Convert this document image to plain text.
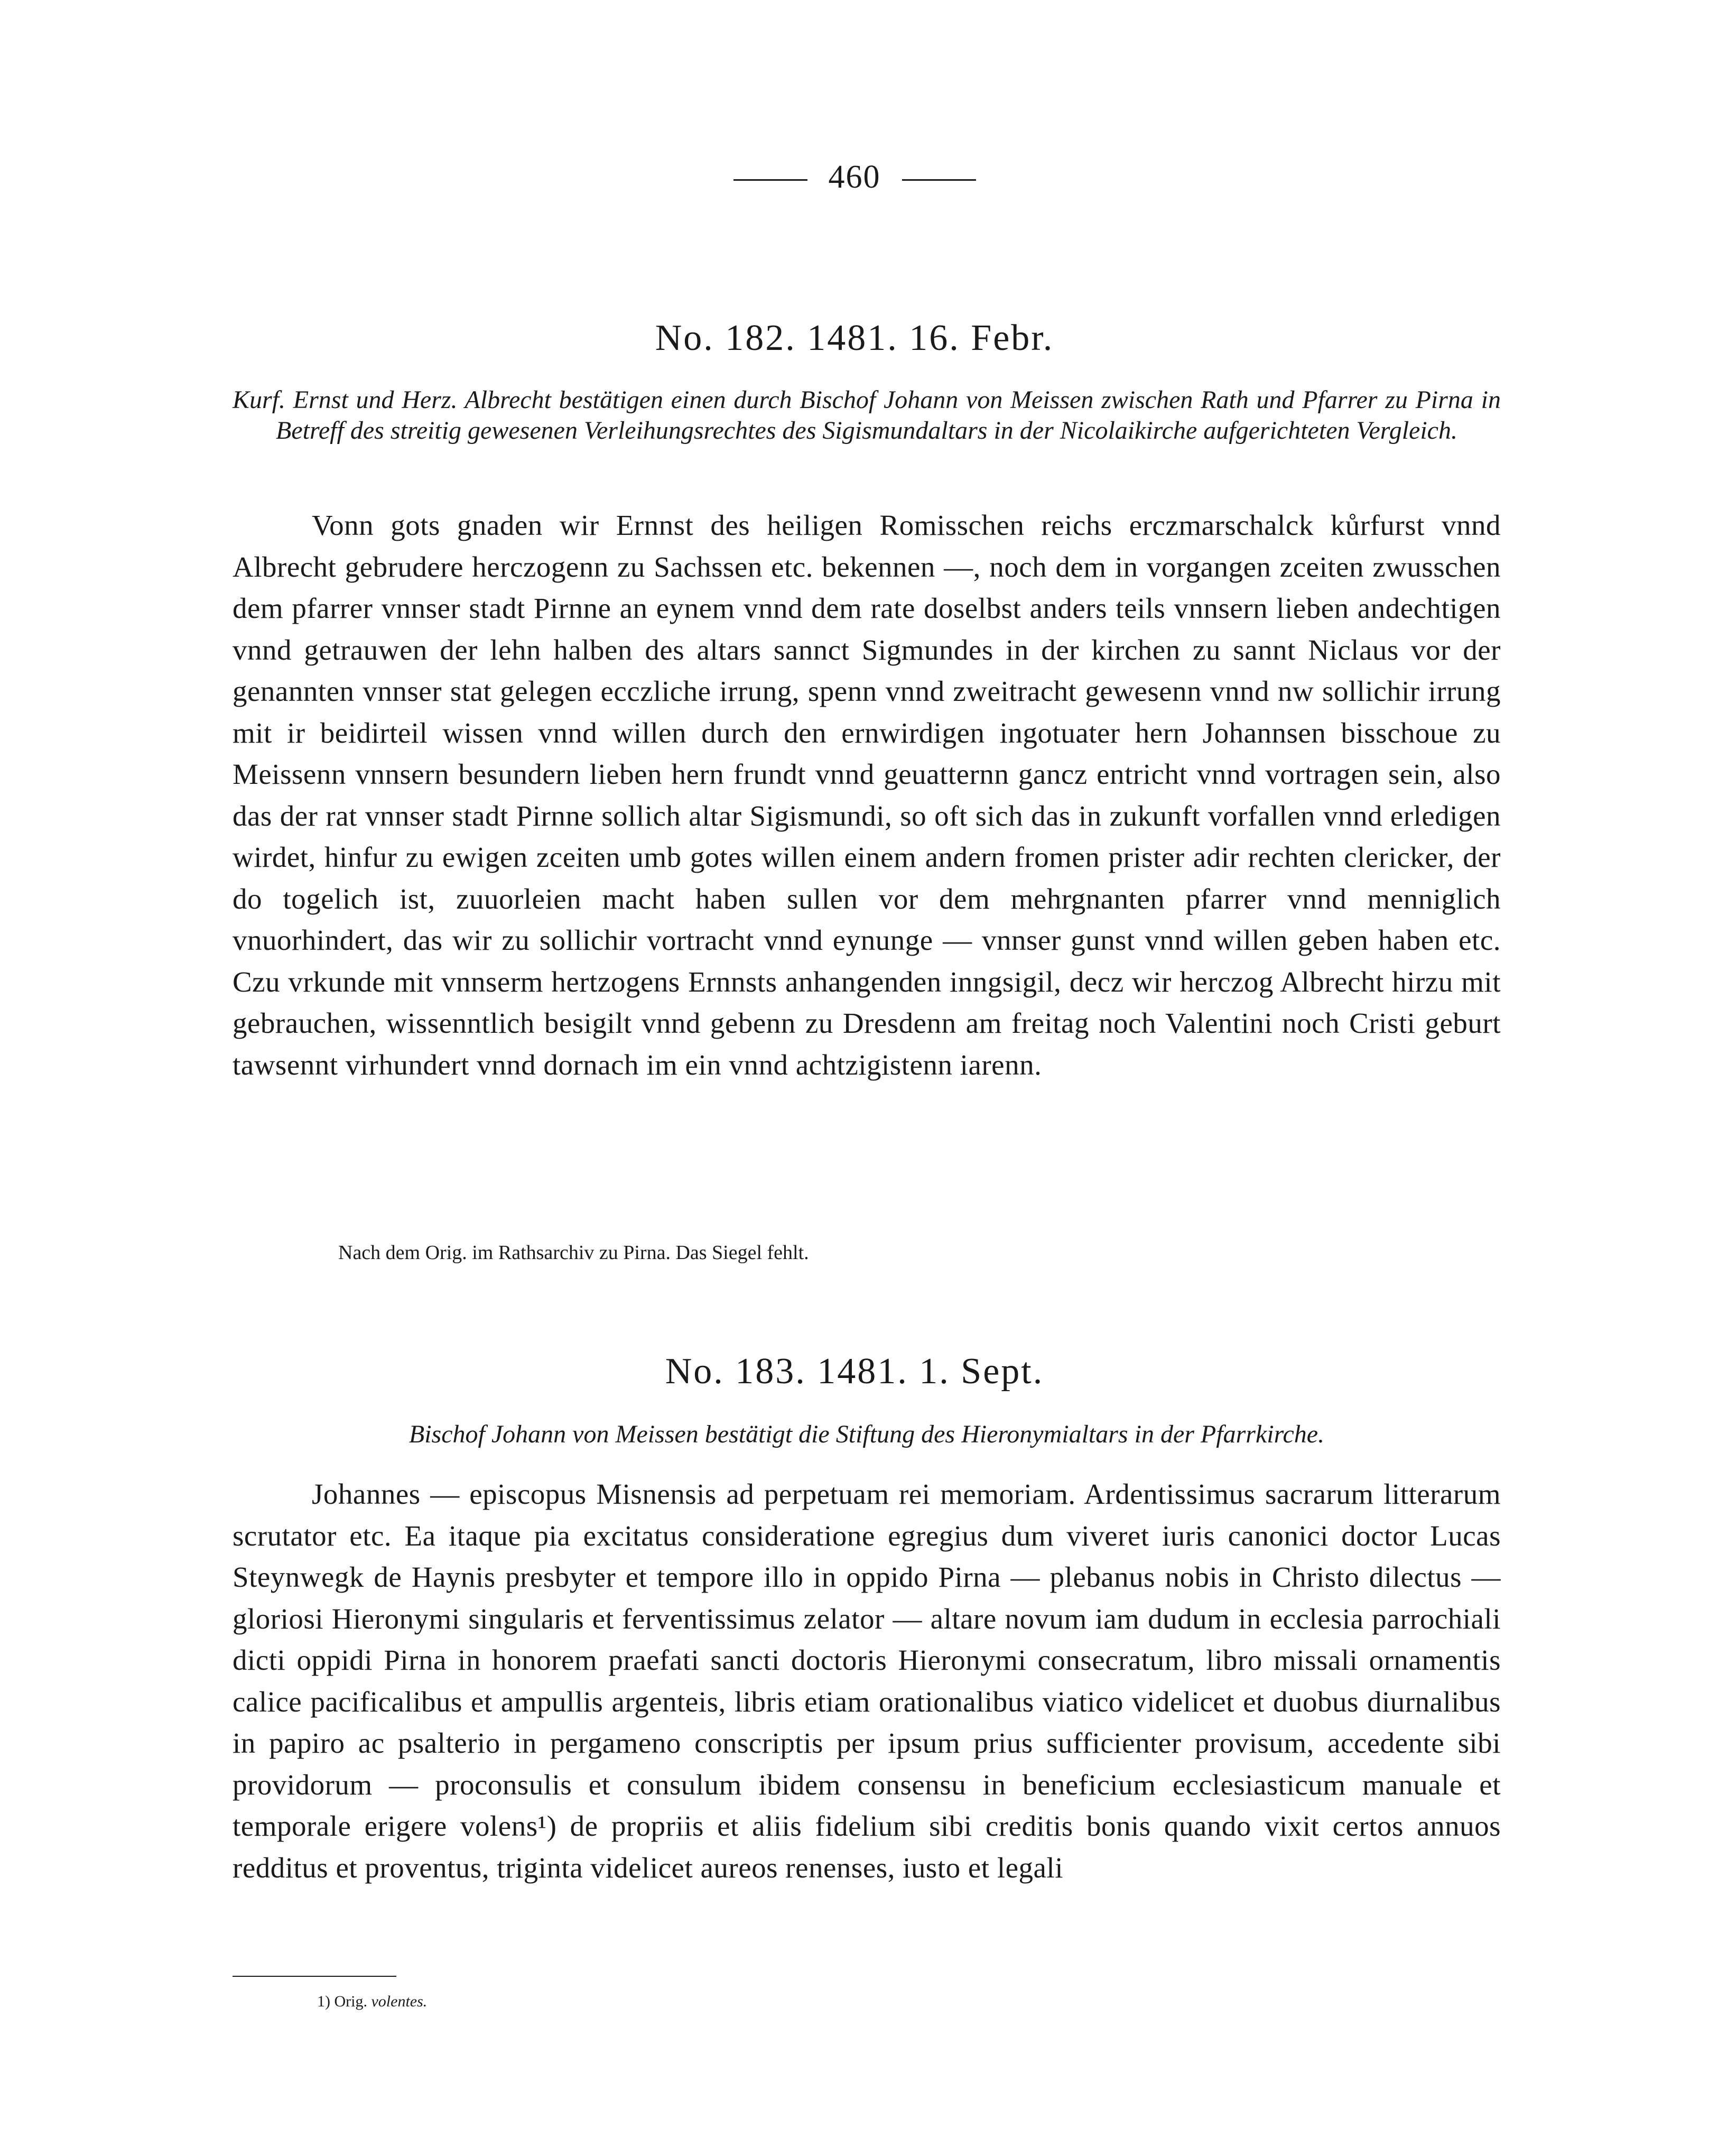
460
No. 182. 1481. 16. Febr.
Kurf. Ernst und Herz. Albrecht bestätigen einen durch Bischof Johann von Meissen zwischen Rath und Pfarrer zu Pirna in Betreff des streitig gewesenen Verleihungsrechtes des Sigismundaltars in der Nicolaikirche aufgerichteten Vergleich.
Vonn gots gnaden wir Ernnst des heiligen Romisschen reichs erczmarschalck kůrfurst vnnd Albrecht gebrudere herczogenn zu Sachssen etc. bekennen —, noch dem in vorgangen zceiten zwusschen dem pfarrer vnnser stadt Pirnne an eynem vnnd dem rate doselbst anders teils vnnsern lieben andechtigen vnnd getrauwen der lehn halben des altars sannct Sigmundes in der kirchen zu sannt Niclaus vor der genannten vnnser stat gelegen ecczliche irrung, spenn vnnd zweitracht gewesenn vnnd nw sollichir irrung mit ir beidirteil wissen vnnd willen durch den ernwirdigen ingotuater hern Johannsen bisschoue zu Meissenn vnnsern besundern lieben hern frundt vnnd geuatternn gancz entricht vnnd vortragen sein, also das der rat vnnser stadt Pirnne sollich altar Sigismundi, so oft sich das in zukunft vorfallen vnnd erledigen wirdet, hinfur zu ewigen zceiten umb gotes willen einem andern fromen prister adir rechten clericker, der do togelich ist, zuuorleien macht haben sullen vor dem mehrgnanten pfarrer vnnd menniglich vnuorhindert, das wir zu sollichir vortracht vnnd eynunge — vnnser gunst vnnd willen geben haben etc. Czu vrkunde mit vnnserm hertzogens Ernnsts anhangenden inngsigil, decz wir herczog Albrecht hirzu mit gebrauchen, wissenntlich besigilt vnnd gebenn zu Dresdenn am freitag noch Valentini noch Cristi geburt tawsennt virhundert vnnd dornach im ein vnnd achtzigistenn iarenn.
Nach dem Orig. im Rathsarchiv zu Pirna. Das Siegel fehlt.
No. 183. 1481. 1. Sept.
Bischof Johann von Meissen bestätigt die Stiftung des Hieronymialtars in der Pfarrkirche.
Johannes — episcopus Misnensis ad perpetuam rei memoriam. Ardentissimus sacrarum litterarum scrutator etc. Ea itaque pia excitatus consideratione egregius dum viveret iuris canonici doctor Lucas Steynwegk de Haynis presbyter et tempore illo in oppido Pirna — plebanus nobis in Christo dilectus — gloriosi Hieronymi singularis et ferventissimus zelator — altare novum iam dudum in ecclesia parrochiali dicti oppidi Pirna in honorem praefati sancti doctoris Hieronymi consecratum, libro missali ornamentis calice pacificalibus et ampullis argenteis, libris etiam orationalibus viatico videlicet et duobus diurnalibus in papiro ac psalterio in pergameno conscriptis per ipsum prius sufficienter provisum, accedente sibi providorum — proconsulis et consulum ibidem consensu in beneficium ecclesiasticum manuale et temporale erigere volens¹) de propriis et aliis fidelium sibi creditis bonis quando vixit certos annuos redditus et proventus, triginta videlicet aureos renenses, iusto et legali
1) Orig. volentes.
